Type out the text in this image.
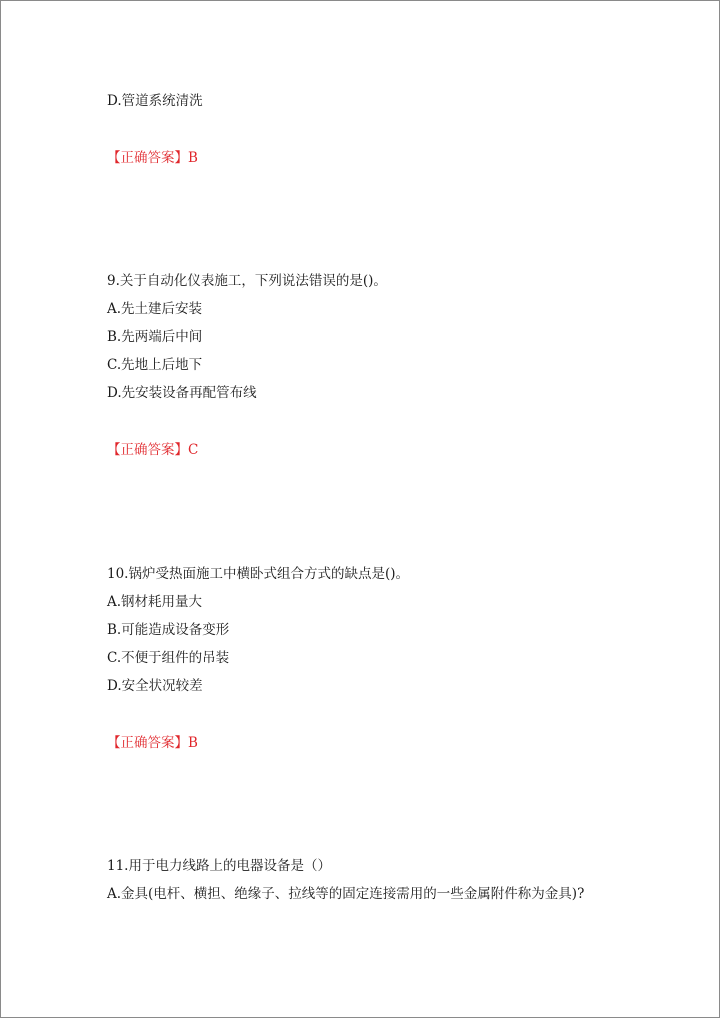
D.管道系统清洗
【正确答案】B
9.关于自动化仪表施工，下列说法错误的是()。
A.先土建后安装
B.先两端后中间
C.先地上后地下
D.先安装设备再配管布线
【正确答案】C
10.锅炉受热面施工中横卧式组合方式的缺点是()。
A.钢材耗用量大
B.可能造成设备变形
C.不便于组件的吊装
D.安全状况较差
【正确答案】B
11.用于电力线路上的电器设备是（）
A.金具(电杆、横担、绝缘子、拉线等的固定连接需用的一些金属附件称为金具)?
